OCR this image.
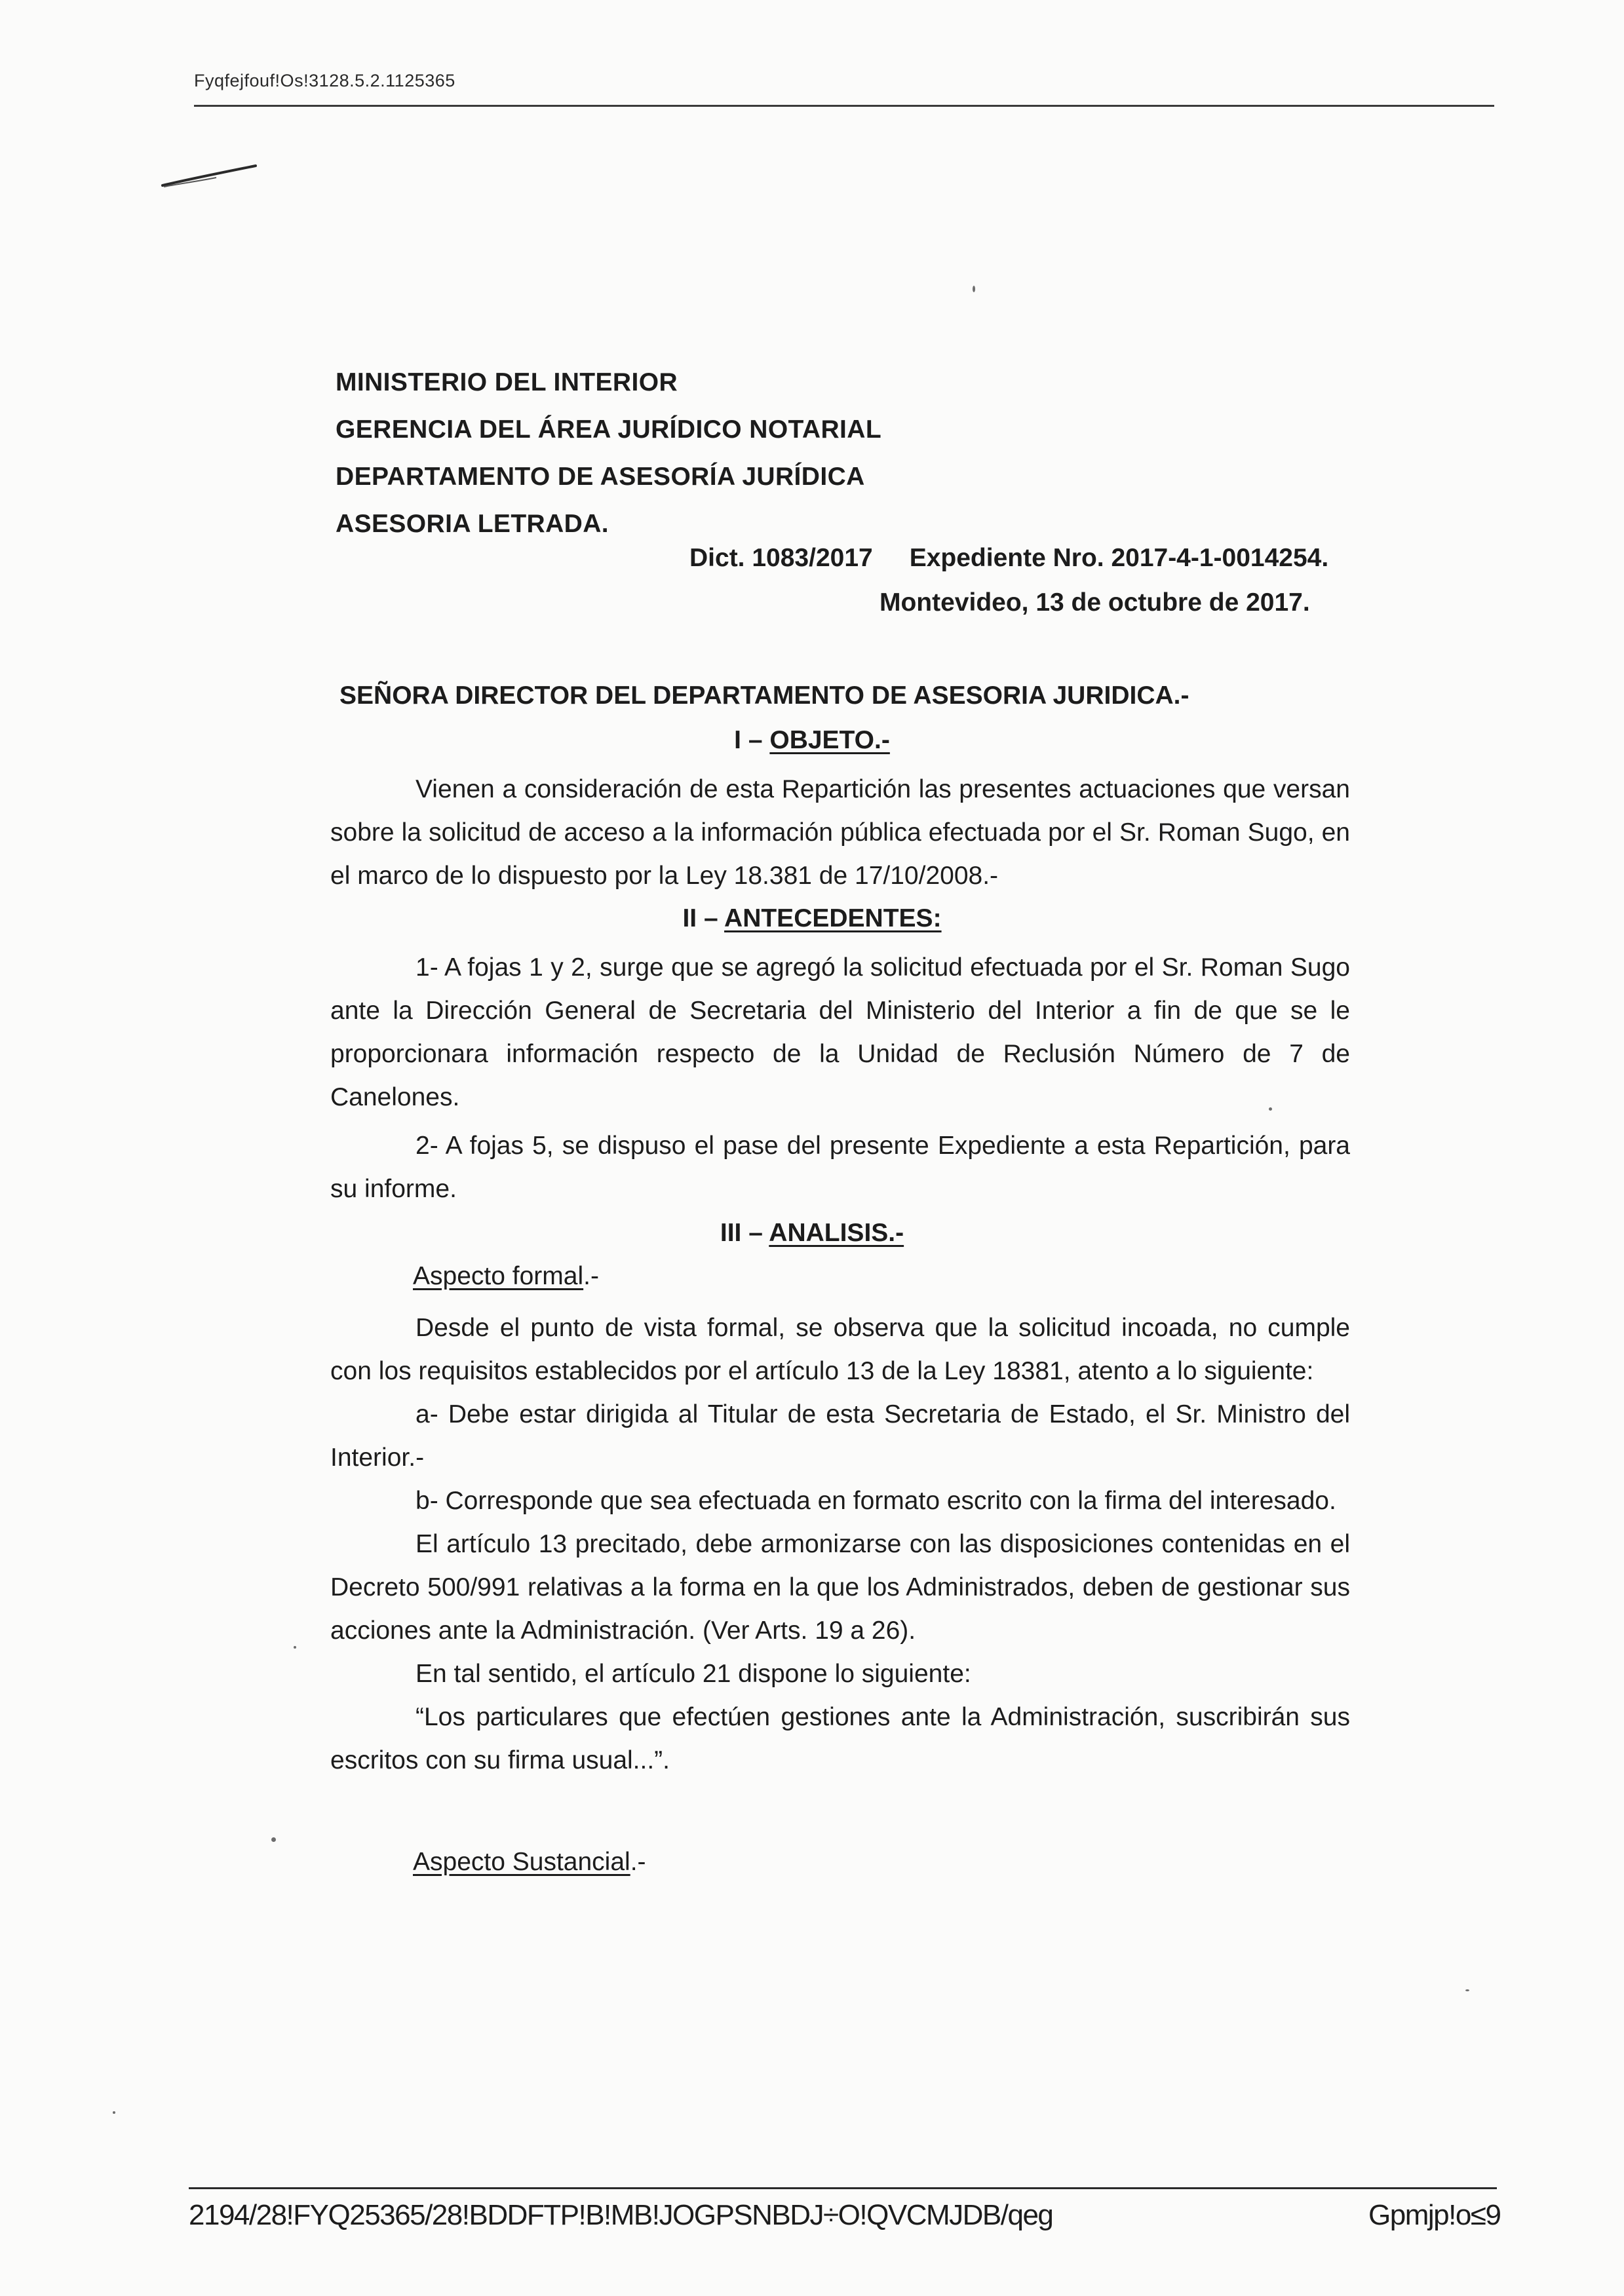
Fyqfejfouf!Os!3128.5.2.1125365
MINISTERIO DEL INTERIOR
GERENCIA DEL ÁREA JURÍDICO NOTARIAL
DEPARTAMENTO DE ASESORÍA JURÍDICA
ASESORIA LETRADA.
Dict. 1083/2017 Expediente Nro. 2017-4-1-0014254.
Montevideo, 13 de octubre de 2017.
SEÑORA DIRECTOR DEL DEPARTAMENTO DE ASESORIA JURIDICA.-
I – OBJETO.-

Vienen a consideración de esta Repartición las presentes actuaciones que versan sobre la solicitud de acceso a la información pública efectuada por el Sr. Roman Sugo, en el marco de lo dispuesto por la Ley 18.381 de 17/10/2008.-

II – ANTECEDENTES:

1- A fojas 1 y 2, surge que se agregó la solicitud efectuada por el Sr. Roman Sugo ante la Dirección General de Secretaria del Ministerio del Interior a fin de que se le proporcionara información respecto de la Unidad de Reclusión Número de 7 de Canelones.

2- A fojas 5, se dispuso el pase del presente Expediente a esta Repartición, para su informe.

III – ANALISIS.-
Aspecto formal.-

Desde el punto de vista formal, se observa que la solicitud incoada, no cumple con los requisitos establecidos por el artículo 13 de la Ley 18381, atento a lo siguiente:

a- Debe estar dirigida al Titular de esta Secretaria de Estado, el Sr. Ministro del Interior.-

b- Corresponde que sea efectuada en formato escrito con la firma del interesado.

El artículo 13 precitado, debe armonizarse con las disposiciones contenidas en el Decreto 500/991 relativas a la forma en la que los Administrados, deben de gestionar sus acciones ante la Administración. (Ver Arts. 19 a 26).

En tal sentido, el artículo 21 dispone lo siguiente:

“Los particulares que efectúen gestiones ante la Administración, suscribirán sus escritos con su firma usual...”.

Aspecto Sustancial.-
2194/28!FYQ25365/28!BDDFTP!B!MB!JOGPSNBDJ÷O!QVCMJDB/qeg	Gpmjp!o≤9
